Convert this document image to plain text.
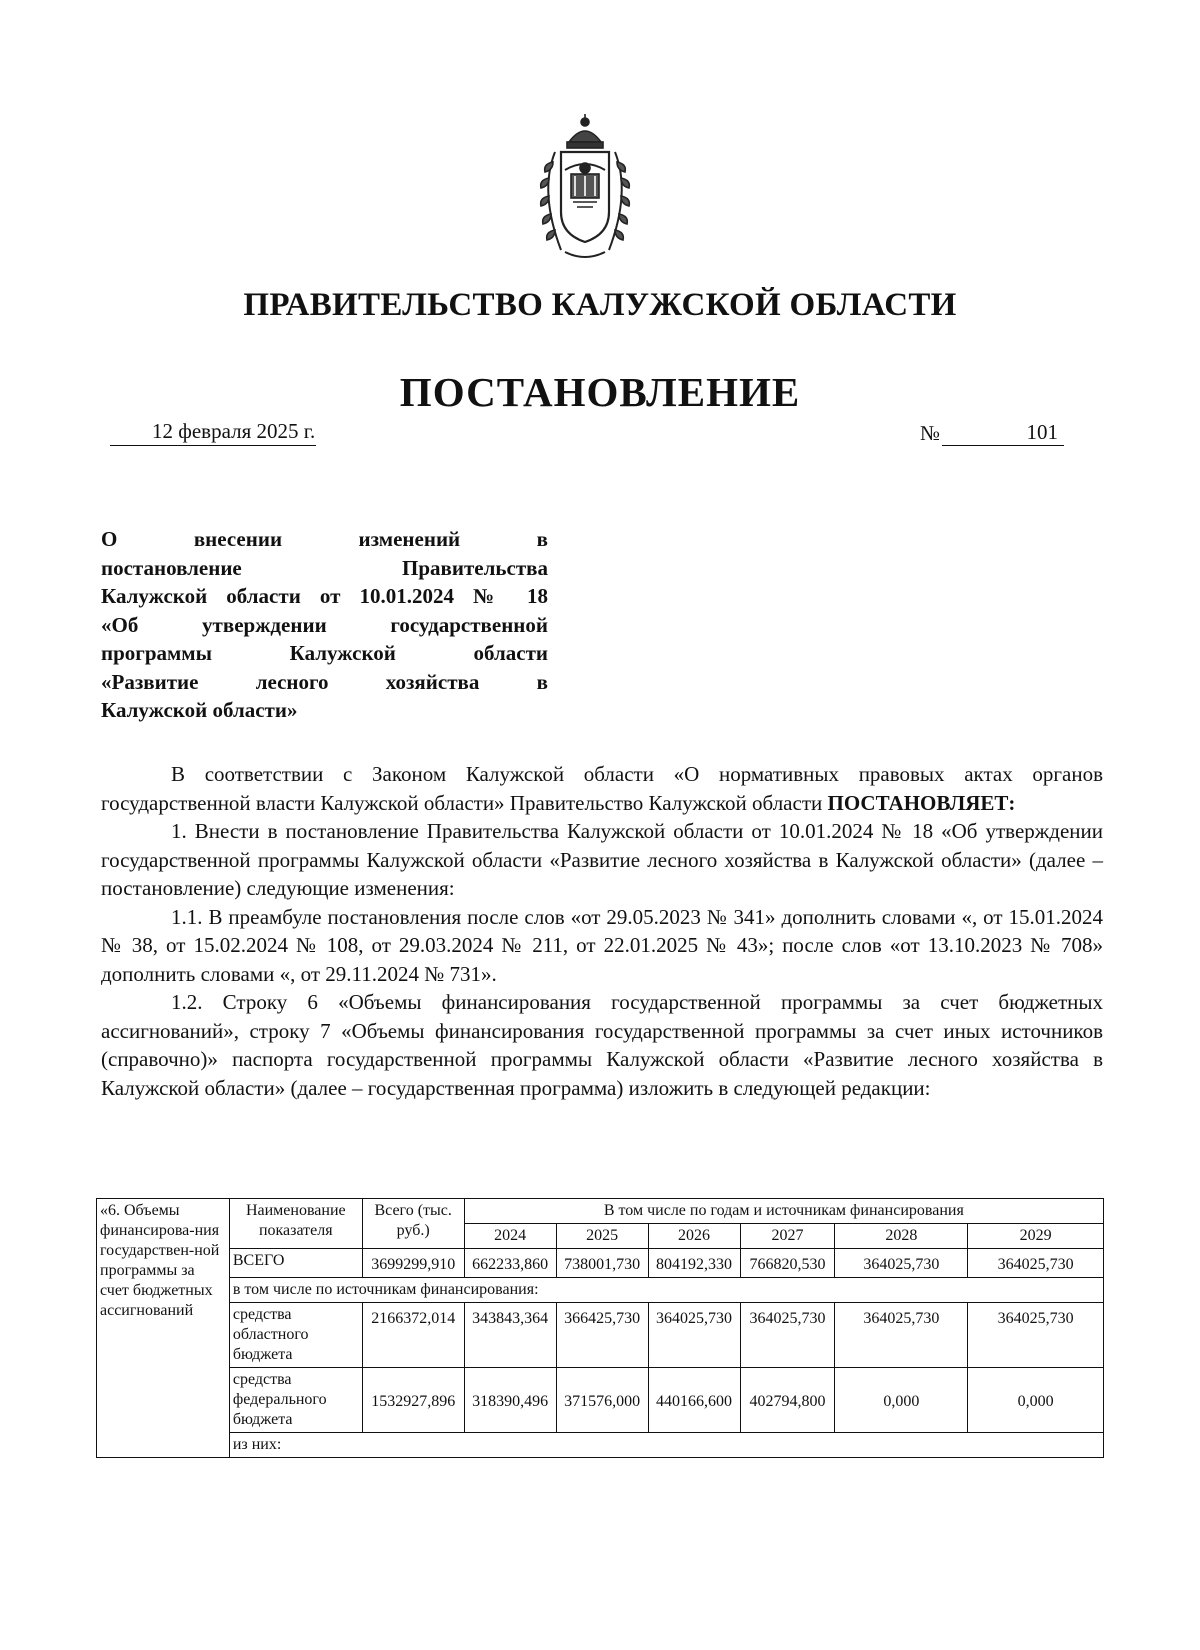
ПРАВИТЕЛЬСТВО КАЛУЖСКОЙ ОБЛАСТИ
ПОСТАНОВЛЕНИЕ
12 февраля 2025 г.	№	101
О внесении изменений в
постановление Правительства
Калужской области от 10.01.2024 № 18
«Об утверждении государственной
программы Калужской области
«Развитие лесного хозяйства в

Калужской области»

В соответствии с Законом Калужской области «О нормативных правовых актах органов государственной власти Калужской области» Правительство Калужской области ПОСТАНОВЛЯЕТ:

1. Внести в постановление Правительства Калужской области от 10.01.2024 № 18 «Об утверждении государственной программы Калужской области «Развитие лесного хозяйства в Калужской области» (далее – постановление) следующие изменения:

1.1. В преамбуле постановления после слов «от 29.05.2023 № 341» дополнить словами «, от 15.01.2024 № 38, от 15.02.2024 № 108, от 29.03.2024 № 211, от 22.01.2025 № 43»; после слов «от 13.10.2023 № 708» дополнить словами «, от 29.11.2024 № 731».

1.2. Строку 6 «Объемы финансирования государственной программы за счет бюджетных ассигнований», строку 7 «Объемы финансирования государственной программы за счет иных источников (справочно)» паспорта государственной программы Калужской области «Развитие лесного хозяйства в Калужской области» (далее – государственная программа) изложить в следующей редакции:

«6. Объемы финансирова-ния государствен-ной программы за счет бюджетных ассигнований	Наименование показателя	Всего (тыс. руб.)	В том числе по годам и источникам финансирования					
			2024	2025	2026	2027	2028	2029
	ВСЕГО	3699299,910	662233,860	738001,730	804192,330	766820,530	364025,730	364025,730
	в том числе по источникам финансирования:							
	средства областного бюджета	2166372,014	343843,364	366425,730	364025,730	364025,730	364025,730	364025,730
	средства федерального бюджета	1532927,896	318390,496	371576,000	440166,600	402794,800	0,000	0,000
	из них:							
